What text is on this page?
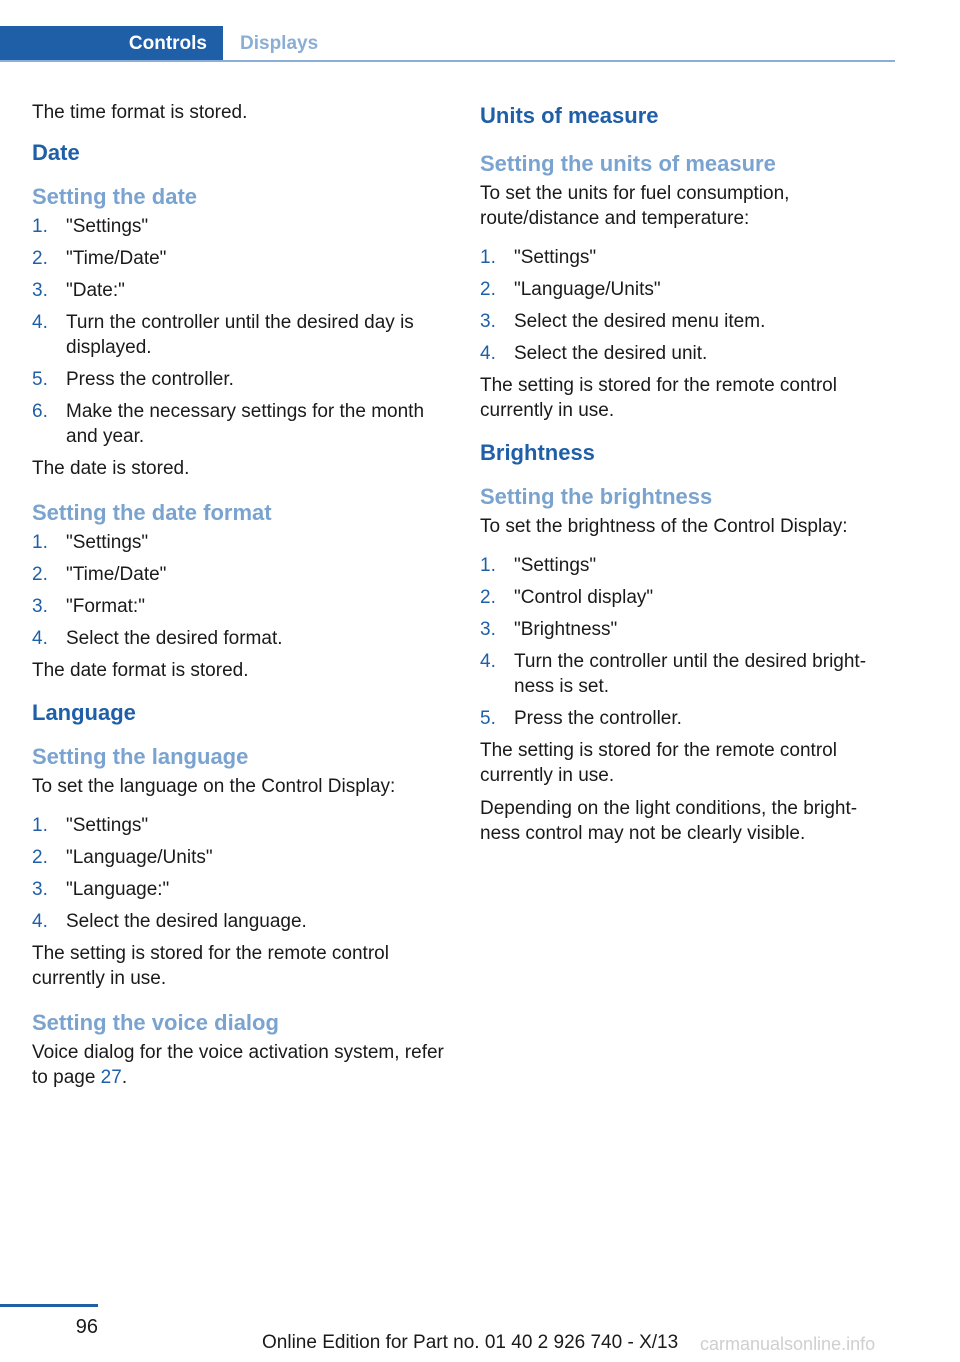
Controls	Displays

The time format is stored.

Date
Setting the date
1. "Settings"
2. "Time/Date"
3. "Date:"
4. Turn the controller until the desired day is displayed.
5. Press the controller.
6. Make the necessary settings for the month and year.

The date is stored.

Setting the date format
1. "Settings"
2. "Time/Date"
3. "Format:"
4. Select the desired format.

The date format is stored.

Language
Setting the language

To set the language on the Control Display:

1. "Settings"
2. "Language/Units"
3. "Language:"
4. Select the desired language.

The setting is stored for the remote control currently in use.

Setting the voice dialog

Voice dialog for the voice activation system, refer to page 27.

Units of measure
Setting the units of measure

To set the units for fuel consumption, route/distance and temperature:

1. "Settings"
2. "Language/Units"
3. Select the desired menu item.
4. Select the desired unit.

The setting is stored for the remote control currently in use.

Brightness
Setting the brightness

To set the brightness of the Control Display:

1. "Settings"
2. "Control display"
3. "Brightness"
4. Turn the controller until the desired bright‐ness is set.
5. Press the controller.

The setting is stored for the remote control currently in use.

Depending on the light conditions, the bright‐ness control may not be clearly visible.

96
Online Edition for Part no. 01 40 2 926 740 - X/13 carmanualsonline.info
